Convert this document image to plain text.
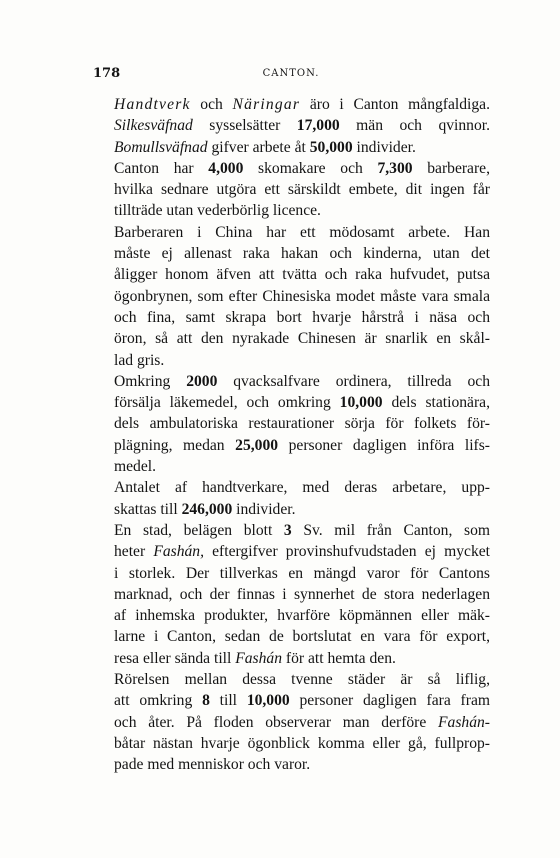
178	CANTON.

Handtverk och Näringar äro i Canton mångfaldiga.
Silkesväfnad sysselsätter 17,000 män och qvinnor.
Bomullsväfnad gifver arbete åt 50,000 individer.

Canton har 4,000 skomakare och 7,300 barberare,
hvilka sednare utgöra ett särskildt embete, dit ingen får
tillträde utan vederbörlig licence.

Barberaren i China har ett mödosamt arbete. Han
måste ej allenast raka hakan och kinderna, utan det
åligger honom äfven att tvätta och raka hufvudet, putsa
ögonbrynen, som efter Chinesiska modet måste vara smala
och fina, samt skrapa bort hvarje hårstrå i näsa och
öron, så att den nyrakade Chinesen är snarlik en skål-
lad gris.

Omkring 2000 qvacksalfvare ordinera, tillreda och
försälja läkemedel, och omkring 10,000 dels stationära,
dels ambulatoriska restaurationer sörja för folkets för-
plägning, medan 25,000 personer dagligen införa lifs-
medel.

Antalet af handtverkare, med deras arbetare, upp-
skattas till 246,000 individer.

En stad, belägen blott 3 Sv. mil från Canton, som
heter Fashán, eftergifver provinshufvudstaden ej mycket
i storlek. Der tillverkas en mängd varor för Cantons
marknad, och der finnas i synnerhet de stora nederlagen
af inhemska produkter, hvarföre köpmännen eller mäk-
larne i Canton, sedan de bortslutat en vara för export,
resa eller sända till Fashán för att hemta den.

Rörelsen mellan dessa tvenne städer är så liflig,
att omkring 8 till 10,000 personer dagligen fara fram
och åter. På floden observerar man derföre Fashán-
båtar nästan hvarje ögonblick komma eller gå, fullprop-
pade med menniskor och varor.
